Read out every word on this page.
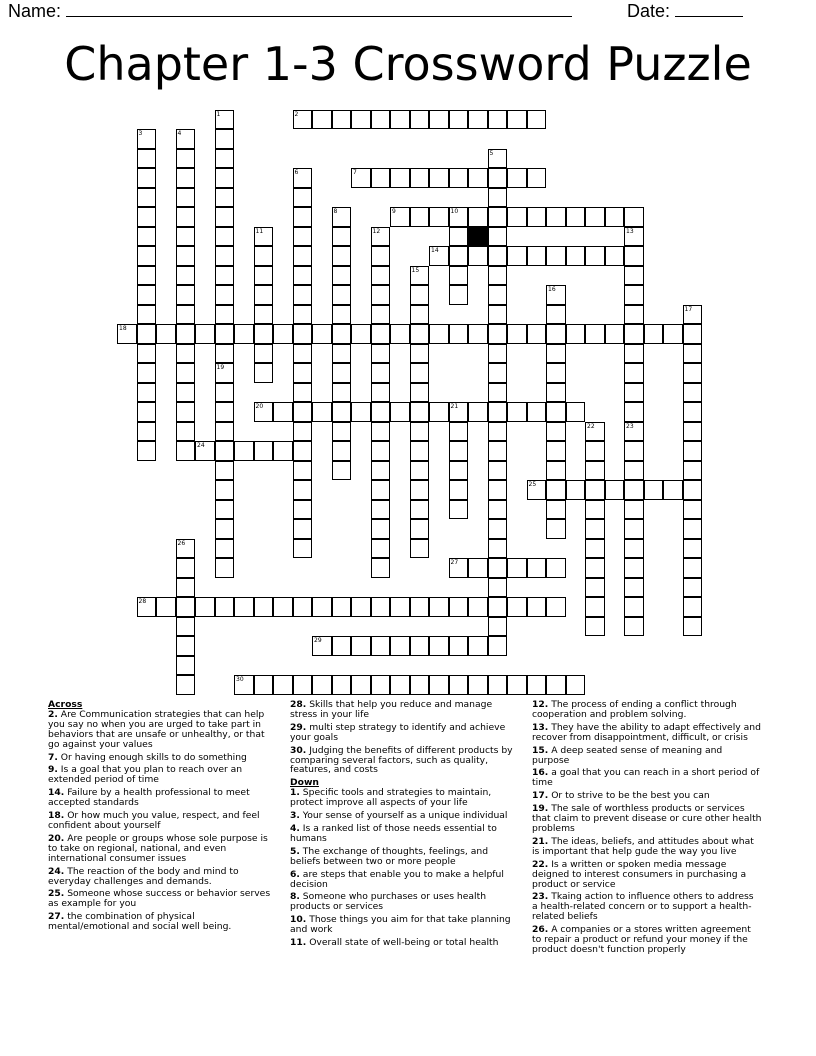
Name:	Date:
Chapter 1-3 Crossword Puzzle
1
19
2
3	4
5
6	7
8	9	10
11	12	13
23
14
15
16
17
18
20	21
22
24
25
26
27
28
29
30
Across
2. Are Communication strategies that can help you say no when you are urged to take part in behaviors that are unsafe or unhealthy, or that go against your values
7. Or having enough skills to do something
9. Is a goal that you plan to reach over an extended period of time
14. Failure by a health professional to meet accepted standards
18. Or how much you value, respect, and feel confident about yourself
20. Are people or groups whose sole purpose is to take on regional, national, and even international consumer issues
24. The reaction of the body and mind to everyday challenges and demands.
25. Someone whose success or behavior serves as example for you
27. the combination of physical mental/emotional and social well being.
28. Skills that help you reduce and manage stress in your life
29. multi step strategy to identify and achieve your goals
30. Judging the benefits of different products by comparing several factors, such as quality, features, and costs
Down
1. Specific tools and strategies to maintain, protect improve all aspects of your life
3. Your sense of yourself as a unique individual
4. Is a ranked list of those needs essential to humans
5. The exchange of thoughts, feelings, and beliefs between two or more people
6. are steps that enable you to make a helpful decision
8. Someone who purchases or uses health products or services
10. Those things you aim for that take planning and work
11. Overall state of well-being or total health
12. The process of ending a conflict through cooperation and problem solving.
13. They have the ability to adapt effectively and recover from disappointment, difficult, or crisis
15. A deep seated sense of meaning and purpose
16. a goal that you can reach in a short period of time
17. Or to strive to be the best you can
19. The sale of worthless products or services that claim to prevent disease or cure other health problems
21. The ideas, beliefs, and attitudes about what is important that help gude the way you live
22. Is a written or spoken media message deigned to interest consumers in purchasing a product or service
23. Tkaing action to influence others to address a health-related concern or to support a health-related beliefs
26. A companies or a stores written agreement to repair a product or refund your money if the product doesn't function properly
